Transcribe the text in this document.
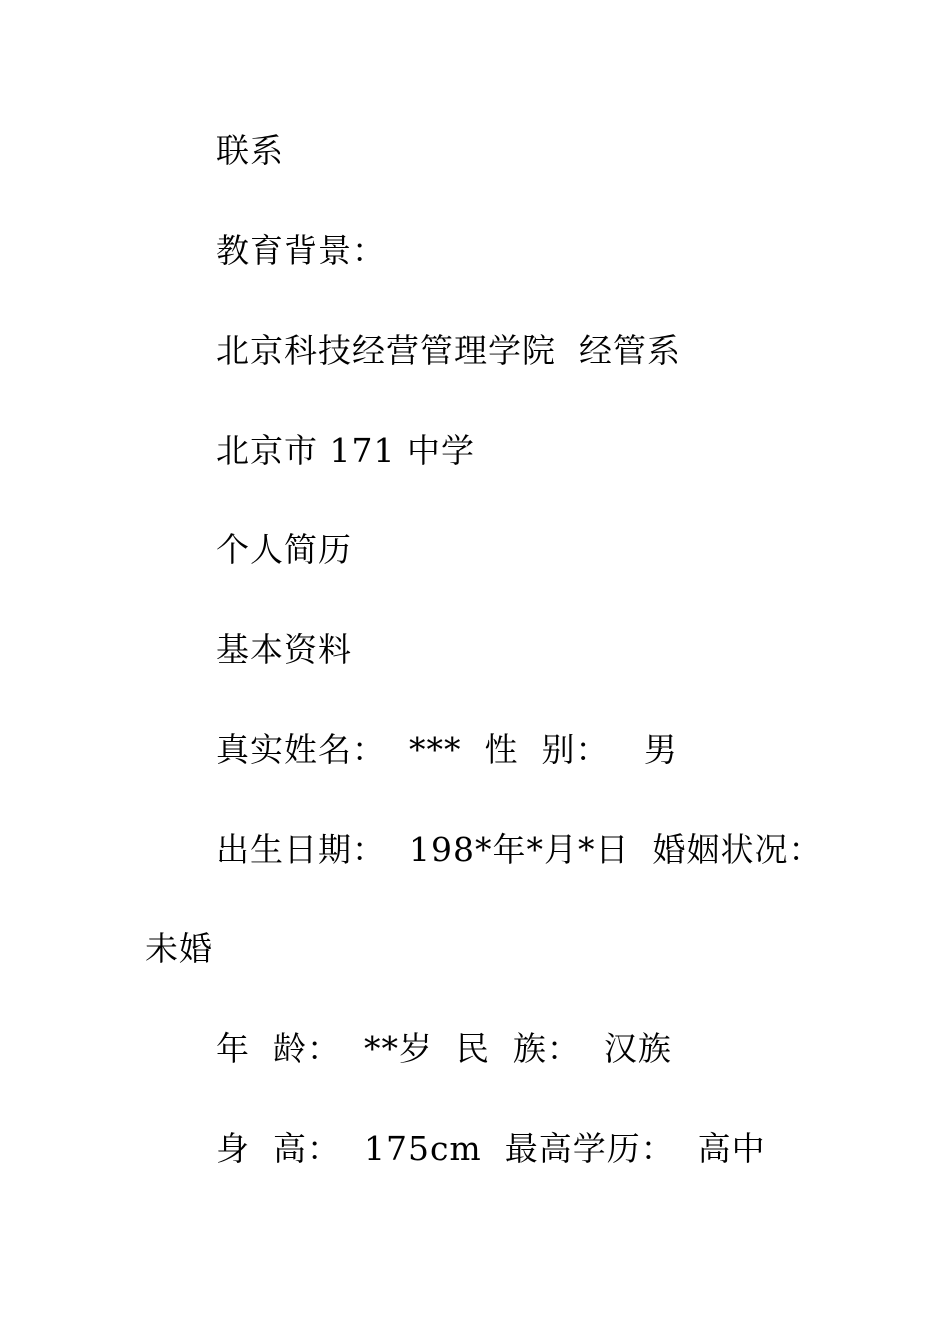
联系
教育背景：
北京科技经营管理学院  经管系
北京市 171 中学
个人简历
基本资料
真实姓名：  ***  性  别：   男
出生日期：  198*年*月*日  婚姻状况：
未婚
年  龄：  **岁  民  族：  汉族
身  高：  175cm  最高学历：  高中
